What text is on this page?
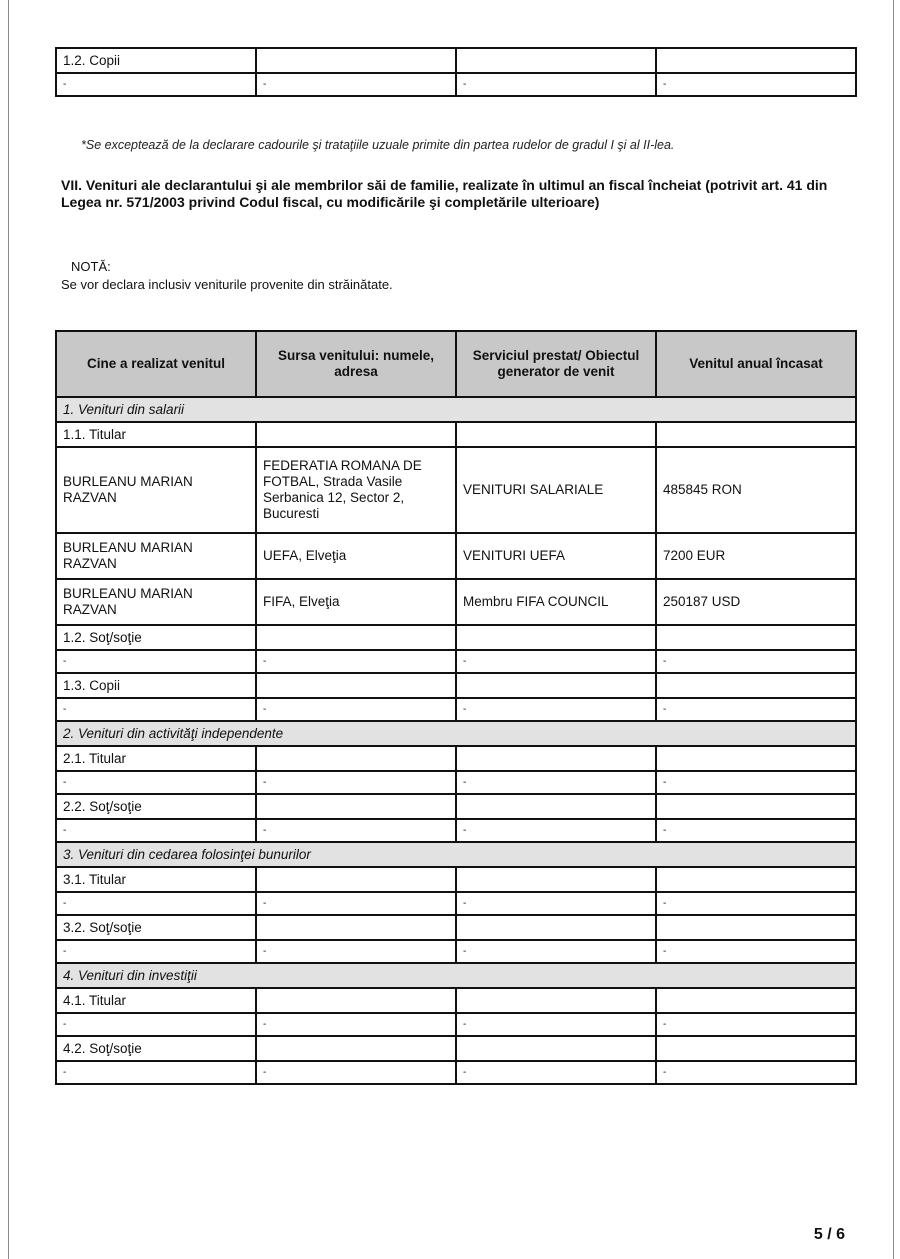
1.2. Copii			
-	-	-	-
*Se exceptează de la declarare cadourile şi trataţiile uzuale primite din partea rudelor de gradul I şi al II-lea.
VII. Venituri ale declarantului şi ale membrilor săi de familie, realizate în ultimul an fiscal încheiat (potrivit art. 41 din Legea nr. 571/2003 privind Codul fiscal, cu modificările şi completările ulterioare)
NOTĂ:
Se vor declara inclusiv veniturile provenite din străinătate.
Cine a realizat venitul	Sursa venitului: numele, adresa	Serviciul prestat/ Obiectul generator de venit	Venitul anual încasat
1. Venituri din salarii			
1.1. Titular			
BURLEANU MARIAN RAZVAN	FEDERATIA ROMANA DE FOTBAL, Strada Vasile Serbanica 12, Sector 2, Bucuresti	VENITURI SALARIALE	485845 RON
BURLEANU MARIAN RAZVAN	UEFA, Elveţia	VENITURI UEFA	7200 EUR
BURLEANU MARIAN RAZVAN	FIFA, Elveţia	Membru FIFA COUNCIL	250187 USD
1.2. Soţ/soţie			
-	-	-	-
1.3. Copii			
-	-	-	-
2. Venituri din activităţi independente			
2.1. Titular			
-	-	-	-
2.2. Soţ/soţie			
-	-	-	-
3. Venituri din cedarea folosinţei bunurilor			
3.1. Titular			
-	-	-	-
3.2. Soţ/soţie			
-	-	-	-
4. Venituri din investiţii			
4.1. Titular			
-	-	-	-
4.2. Soţ/soţie			
-	-	-	-
5 / 6
